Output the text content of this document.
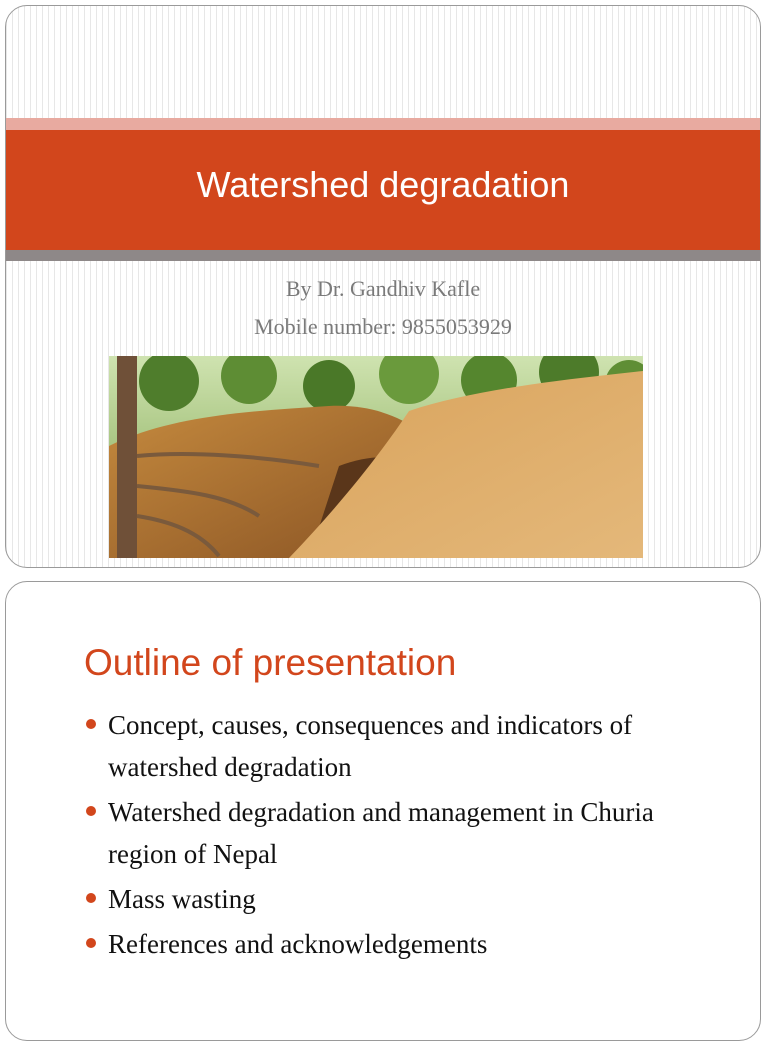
Watershed degradation
By Dr. Gandhiv Kafle
Mobile number: 9855053929
Outline of presentation
Concept, causes, consequences and indicators of watershed degradation
Watershed degradation and management in Churia region of Nepal
Mass wasting
References and acknowledgements
